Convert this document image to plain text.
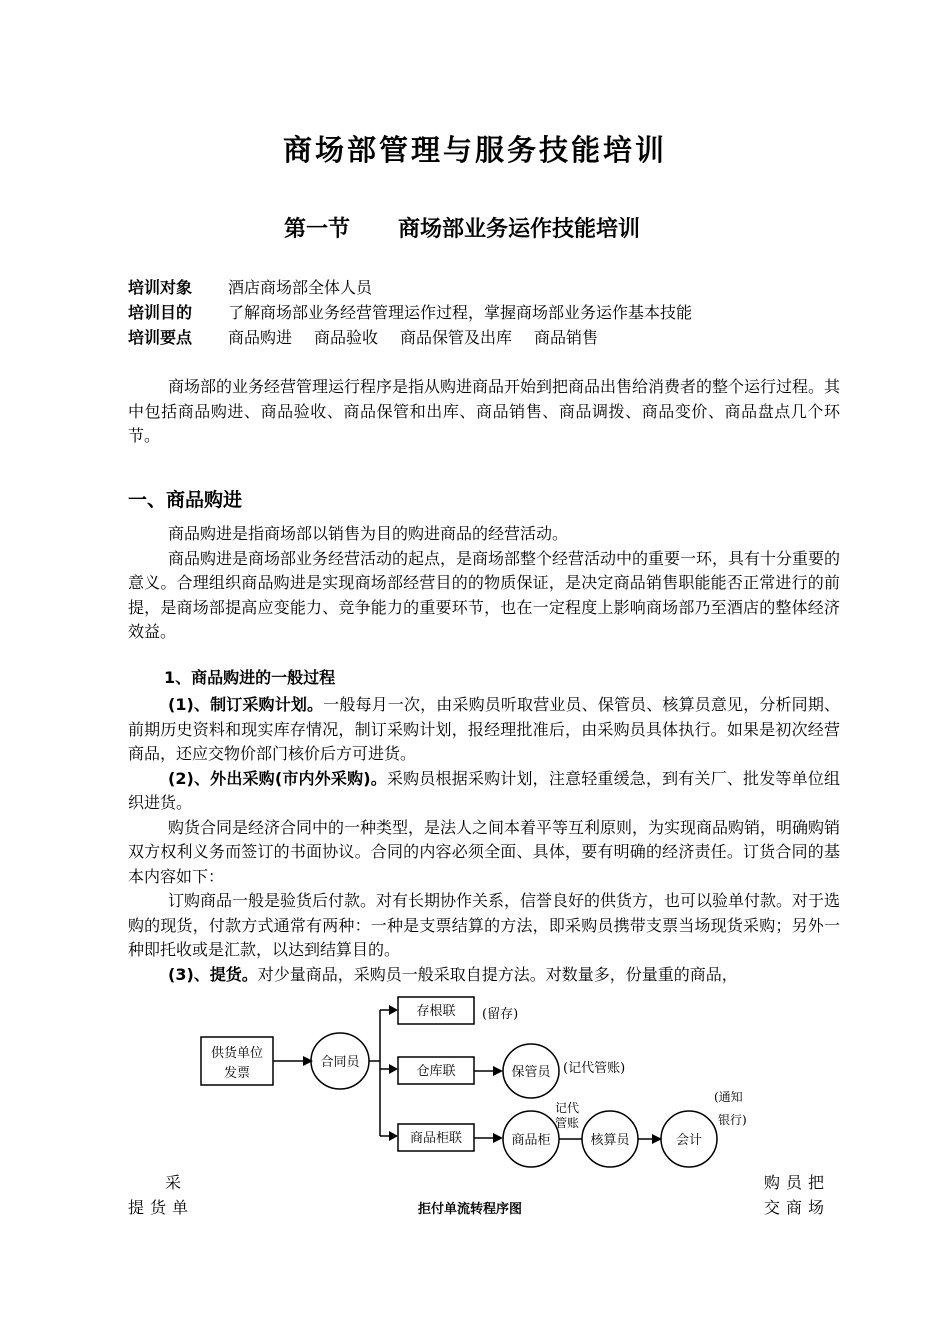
商场部管理与服务技能培训
第一节 商场部业务运作技能培训
培训对象 酒店商场部全体人员
培训目的 了解商场部业务经营管理运作过程，掌握商场部业务运作基本技能
培训要点 商品购进 商品验收 商品保管及出库 商品销售

商场部的业务经营管理运行程序是指从购进商品开始到把商品出售给消费者的整个运行过程。其中包括商品购进、商品验收、商品保管和出库、商品销售、商品调拨、商品变价、商品盘点几个环节。

一、商品购进

商品购进是指商场部以销售为目的购进商品的经营活动。

商品购进是商场部业务经营活动的起点，是商场部整个经营活动中的重要一环，具有十分重要的意义。合理组织商品购进是实现商场部经营目的的物质保证，是决定商品销售职能能否正常进行的前提，是商场部提高应变能力、竞争能力的重要环节，也在一定程度上影响商场部乃至酒店的整体经济效益。

1、商品购进的一般过程

(1)、制订采购计划。一般每月一次，由采购员听取营业员、保管员、核算员意见，分析同期、前期历史资料和现实库存情况，制订采购计划，报经理批准后，由采购员具体执行。如果是初次经营商品，还应交物价部门核价后方可进货。

(2)、外出采购(市内外采购)。采购员根据采购计划，注意轻重缓急，到有关厂、批发等单位组织进货。

购货合同是经济合同中的一种类型，是法人之间本着平等互利原则，为实现商品购销，明确购销双方权利义务而签订的书面协议。合同的内容必须全面、具体，要有明确的经济责任。订货合同的基本内容如下：

订购商品一般是验货后付款。对有长期协作关系，信誉良好的供货方，也可以验单付款。对于选购的现货，付款方式通常有两种：一种是支票结算的方法，即采购员携带支票当场现货采购；另外一种即托收或是汇款，以达到结算目的。

(3)、提货。对少量商品，采购员一般采取自提方法。对数量多，份量重的商品，

供货单位
发票
合同员
存根联 (留存)
仓库联	保管员 (记代管账)
商品柜联	商品柜
记代
管账
核算员	会计
(通知
银行)
采
提货单	拒付单流转程序图
购员把
交商场
